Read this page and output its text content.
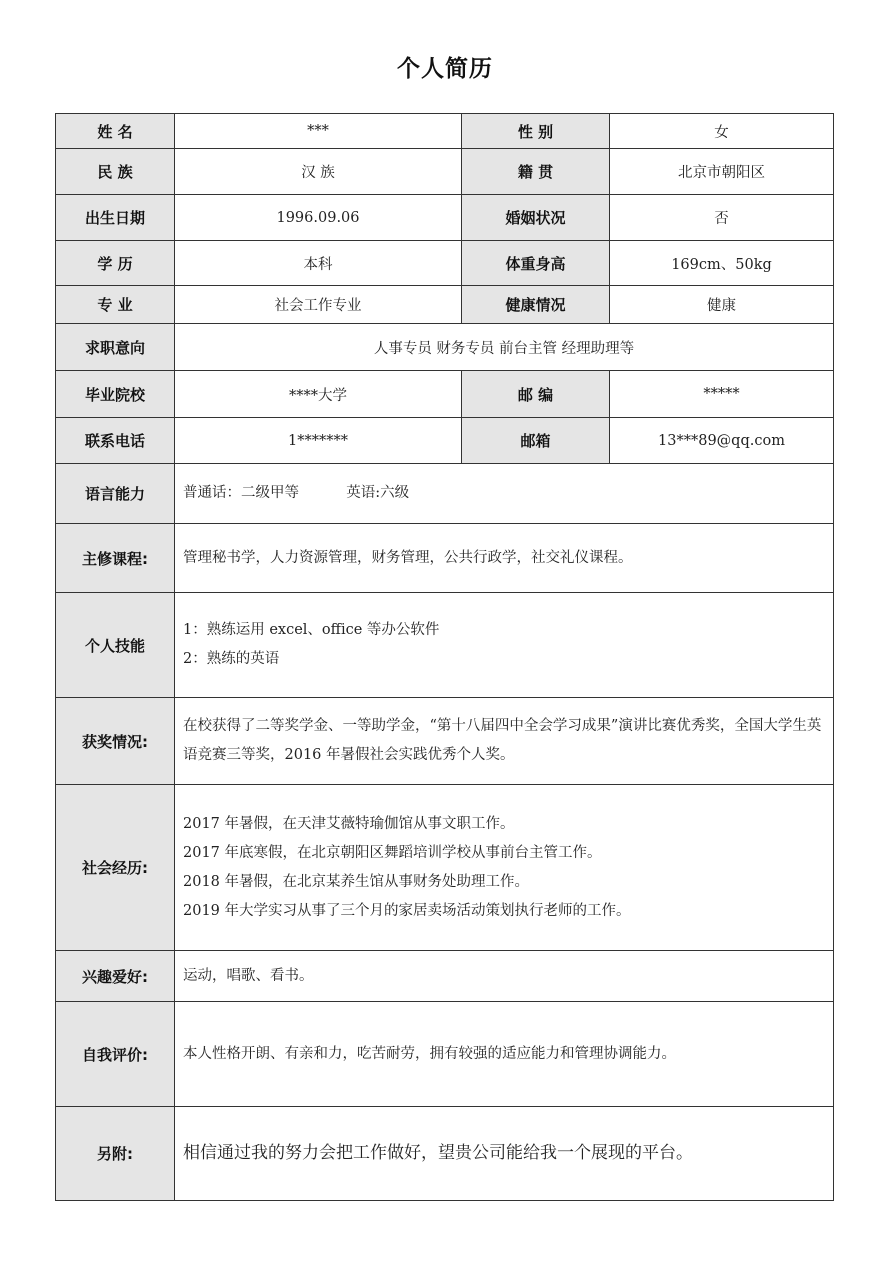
个人简历
姓 名	***	性 别	女
民 族	汉 族	籍 贯	北京市朝阳区
出生日期	1996.09.06	婚姻状况	否
学 历	本科	体重身高	169cm、50kg
专 业	社会工作专业	健康情况	健康
求职意向	人事专员 财务专员 前台主管 经理助理等		
毕业院校	****大学	邮 编	*****
联系电话	1*******	邮箱	13***89@qq.com
语言能力	普通话：二级甲等 英语:六级		
主修课程:	管理秘书学，人力资源管理，财务管理，公共行政学，社交礼仪课程。		
个人技能	1：熟练运用 excel、office 等办公软件

2：熟练的英语		

获奖情况:	在校获得了二等奖学金、一等助学金，“第十八届四中全会学习成果”演讲比赛优秀奖，全国大学生英语竞赛三等奖，2016 年暑假社会实践优秀个人奖。		
社会经历:	2017 年暑假，在天津艾薇特瑜伽馆从事文职工作。

2017 年底寒假，在北京朝阳区舞蹈培训学校从事前台主管工作。

2018 年暑假，在北京某养生馆从事财务处助理工作。

2019 年大学实习从事了三个月的家居卖场活动策划执行老师的工作。		

兴趣爱好:	运动，唱歌、看书。		
自我评价:	本人性格开朗、有亲和力，吃苦耐劳，拥有较强的适应能力和管理协调能力。		
另附:	相信通过我的努力会把工作做好，望贵公司能给我一个展现的平台。		
